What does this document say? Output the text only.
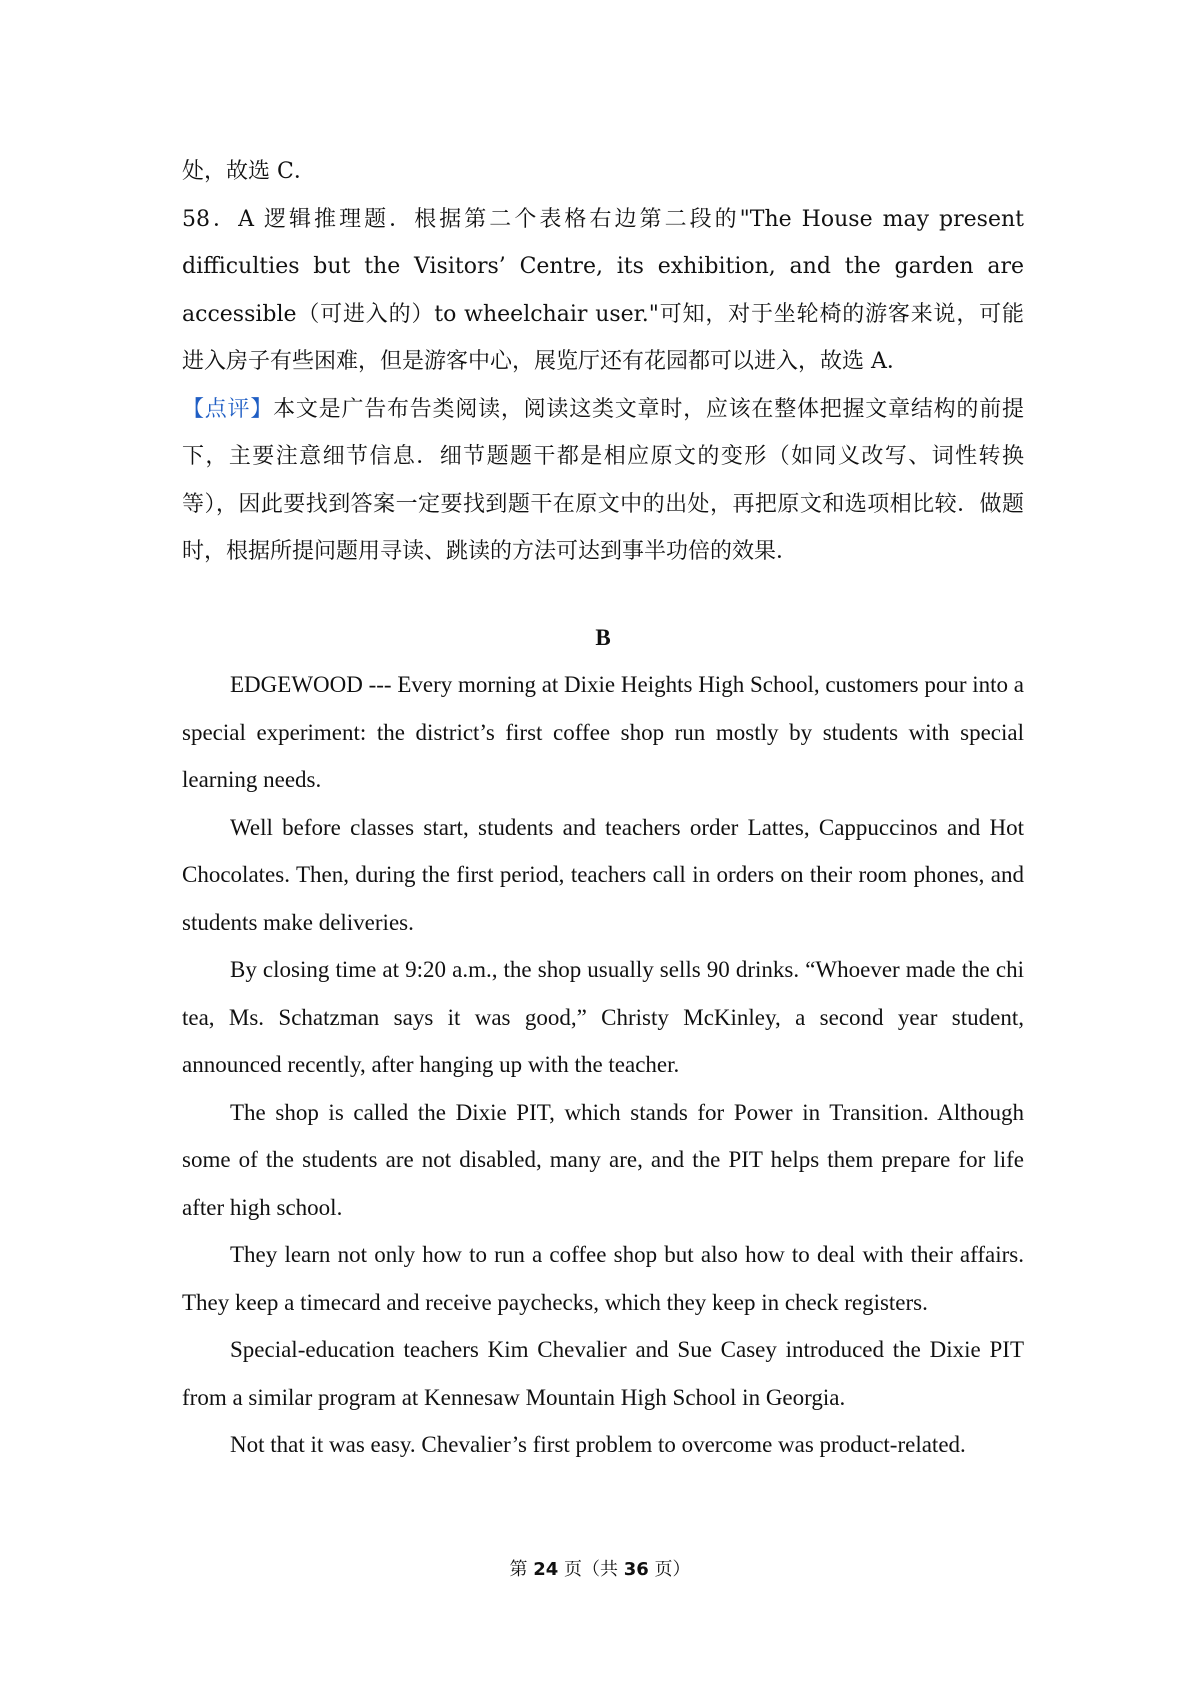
处，故选 C．

58．A 逻辑推理题．根据第二个表格右边第二段的"The House may present difficulties but the Visitors’ Centre, its exhibition, and the garden are accessible（可进入的）to wheelchair user."可知，对于坐轮椅的游客来说，可能进入房子有些困难，但是游客中心，展览厅还有花园都可以进入，故选 A．

【点评】本文是广告布告类阅读，阅读这类文章时，应该在整体把握文章结构的前提下，主要注意细节信息．细节题题干都是相应原文的变形（如同义改写、词性转换等），因此要找到答案一定要找到题干在原文中的出处，再把原文和选项相比较．做题时，根据所提问题用寻读、跳读的方法可达到事半功倍的效果．

B

EDGEWOOD --- Every morning at Dixie Heights High School, customers pour into a special experiment: the district’s first coffee shop run mostly by students with special learning needs.

Well before classes start, students and teachers order Lattes, Cappuccinos and Hot Chocolates. Then, during the first period, teachers call in orders on their room phones, and students make deliveries.

By closing time at 9:20 a.m., the shop usually sells 90 drinks. “Whoever made the chi tea, Ms. Schatzman says it was good,” Christy McKinley, a second year student, announced recently, after hanging up with the teacher.

The shop is called the Dixie PIT, which stands for Power in Transition. Although some of the students are not disabled, many are, and the PIT helps them prepare for life after high school.

They learn not only how to run a coffee shop but also how to deal with their affairs. They keep a timecard and receive paychecks, which they keep in check registers.

Special-education teachers Kim Chevalier and Sue Casey introduced the Dixie PIT from a similar program at Kennesaw Mountain High School in Georgia.

Not that it was easy. Chevalier’s first problem to overcome was product-related.

第 24 页（共 36 页）
